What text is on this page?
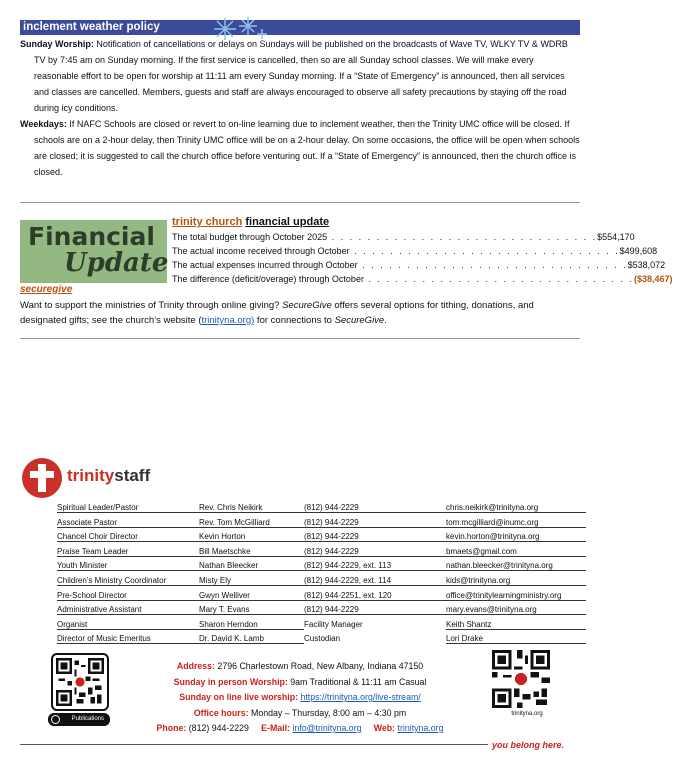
inclement weather policy

Sunday Worship: Notification of cancellations or delays on Sundays will be published on the broadcasts of Wave TV, WLKY TV & WDRB TV by 7:45 am on Sunday morning. If the first service is cancelled, then so are all Sunday school classes. We will make every reasonable effort to be open for worship at 11:11 am every Sunday morning. If a “State of Emergency” is announced, then all services and classes are cancelled. Members, guests and staff are always encouraged to observe all safety precautions by staying off the road during icy conditions.

Weekdays: If NAFC Schools are closed or revert to on-line learning due to inclement weather, then the Trinity UMC office will be closed. If schools are on a 2-hour delay, then Trinity UMC office will be on a 2-hour delay. On some occasions, the office will be open when schools are closed; it is suggested to call the church office before venturing out. If a “State of Emergency” is announced, then the church office is closed.

Financial
Update
trinity church financial update
The total budget through October 2025 . . . . . . . . . . . . . . . . . . . . . . . . . . . . . . $554,170
The actual income received through October . . . . . . . . . . . . . . . . . . . . . . . . . . . . . . $499,608
The actual expenses incurred through October . . . . . . . . . . . . . . . . . . . . . . . . . . . . . . $538,072
The difference (deficit/overage) through October . . . . . . . . . . . . . . . . . . . . . . . . . . . . . . ($38,467)
securegive
Want to support the ministries of Trinity through online giving? SecureGive offers several options for tithing, donations, and designated gifts; see the church’s website (trinityna.org) for connections to SecureGive.
trinitystaff
Spiritual Leader/Pastor	Rev. Chris Neikirk	(812) 944-2229	chris.neikirk@trinityna.org
Associate Pastor	Rev. Tom McGilliard	(812) 944-2229	tom.mcgilliard@inumc.org
Chancel Choir Director	Kevin Horton	(812) 944-2229	kevin.horton@trinityna.org
Praise Team Leader	Bill Maetschke	(812) 944-2229	bmaets@gmail.com
Youth Minister	Nathan Bleecker	(812) 944-2229, ext. 113	nathan.bleecker@trinityna.org
Children’s Ministry Coordinator	Misty Ely	(812) 944-2229, ext. 114	kids@trinityna.org
Pre-School Director	Gwyn Welliver	(812) 944-2251, ext. 120	office@trinitylearningministry.org
Administrative Assistant	Mary T. Evans	(812) 944-2229	mary.evans@trinityna.org
Organist	Sharon Herndon	Facility Manager	Keith Shantz
Director of Music Emeritus	Dr. David K. Lamb	Custodian	Lori Drake
Publications
Address: 2796 Charlestown Road, New Albany, Indiana 47150
Sunday in person Worship: 9am Traditional & 11:11 am Casual
Sunday on line live worship: https://trinityna.org/live-stream/
Office hours: Monday – Thursday, 8:00 am – 4:30 pm
Phone: (812) 944-2229 E-Mail: info@trinityna.org Web: trinityna.org
trinityna.org
you belong here.
